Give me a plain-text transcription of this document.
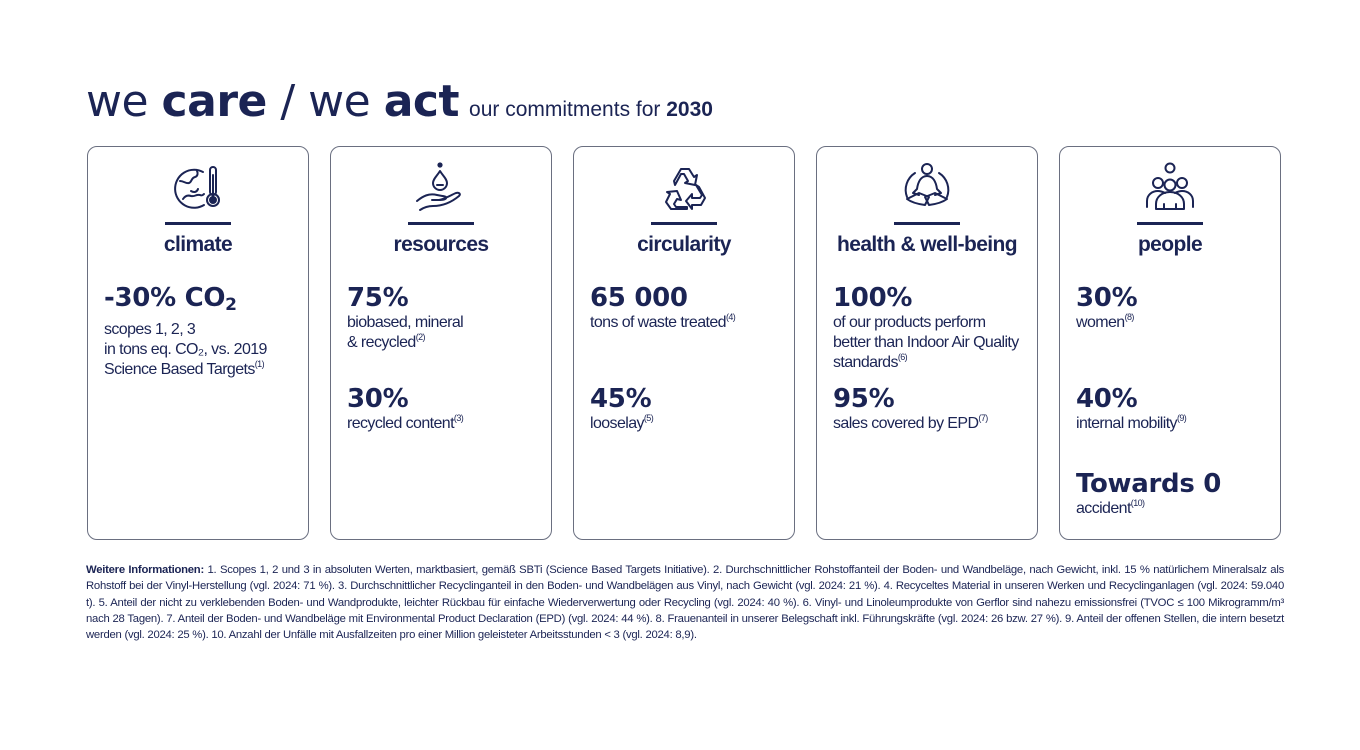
we care / we act our commitments for 2030
climate
-30% $CO_2$
scopes 1, 2, 3
in tons eq. CO₂, vs. 2019
Science Based Targets$^{(1)}$
resources
75%
biobased, mineral
& recycled$^{(2)}$
30%
recycled content$^{(3)}$
circularity
65 000
tons of waste treated$^{(4)}$
45%
looselay$^{(5)}$
health & well-being
100%
of our products perform
better than Indoor Air Quality
standards$^{(6)}$
95%
sales covered by EPD$^{(7)}$
people
30%
women$^{(8)}$
40%
internal mobility$^{(9)}$
Towards 0
accident$^{(10)}$
Weitere Informationen: 1. Scopes 1, 2 und 3 in absoluten Werten, marktbasiert, gemäß SBTi (Science Based Targets Initiative). 2. Durchschnittlicher Rohstoffanteil der Boden- und Wandbeläge, nach Gewicht, inkl. 15 % natürlichem Mineralsalz als Rohstoff bei der Vinyl-Herstellung (vgl. 2024: 71 %). 3. Durchschnittlicher Recyclinganteil in den Boden- und Wandbelägen aus Vinyl, nach Gewicht (vgl. 2024: 21 %). 4. Recyceltes Material in unseren Werken und Recyclinganlagen (vgl. 2024: 59.040 t). 5. Anteil der nicht zu verklebenden Boden- und Wandprodukte, leichter Rückbau für einfache Wiederverwertung oder Recycling (vgl. 2024: 40 %). 6. Vinyl- und Linoleumprodukte von Gerflor sind nahezu emissionsfrei (TVOC ≤ 100 Mikrogramm/m³ nach 28 Tagen). 7. Anteil der Boden- und Wandbeläge mit Environmental Product Declaration (EPD) (vgl. 2024: 44 %). 8. Frauenanteil in unserer Belegschaft inkl. Führungskräfte (vgl. 2024: 26 bzw. 27 %). 9. Anteil der offenen Stellen, die intern besetzt werden (vgl. 2024: 25 %). 10. Anzahl der Unfälle mit Ausfallzeiten pro einer Million geleisteter Arbeitsstunden < 3 (vgl. 2024: 8,9).
